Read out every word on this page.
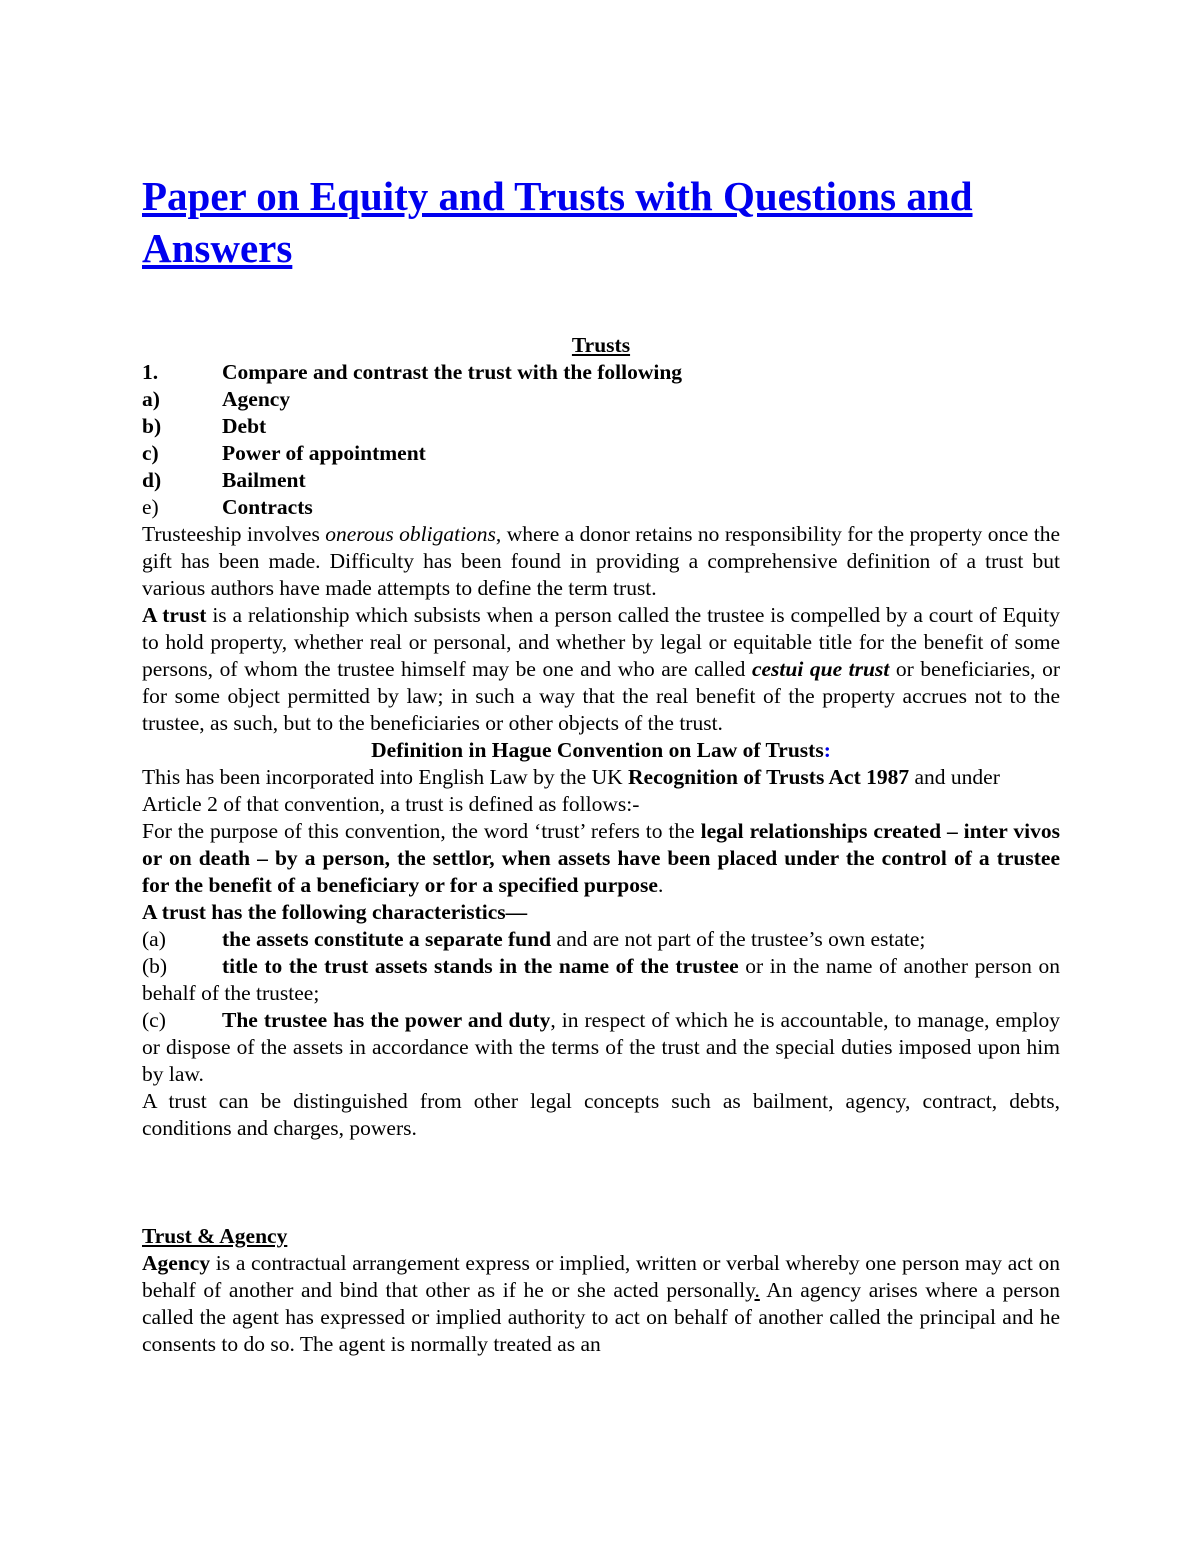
Paper on Equity and Trusts with Questions and Answers
Trusts
1.	Compare and contrast the trust with the following
a)	Agency
b)	Debt
c)	Power of appointment
d)	Bailment
e)	Contracts

Trusteeship involves onerous obligations, where a donor retains no responsibility for the property once the gift has been made. Difficulty has been found in providing a comprehensive definition of a trust but various authors have made attempts to define the term trust.

A trust is a relationship which subsists when a person called the trustee is compelled by a court of Equity to hold property, whether real or personal, and whether by legal or equitable title for the benefit of some persons, of whom the trustee himself may be one and who are called cestui que trust or beneficiaries, or for some object permitted by law; in such a way that the real benefit of the property accrues not to the trustee, as such, but to the beneficiaries or other objects of the trust.

Definition in Hague Convention on Law of Trusts:

This has been incorporated into English Law by the UK Recognition of Trusts Act 1987 and under Article 2 of that convention, a trust is defined as follows:-

For the purpose of this convention, the word ‘trust’ refers to the legal relationships created – inter vivos or on death – by a person, the settlor, when assets have been placed under the control of a trustee for the benefit of a beneficiary or for a specified purpose.

A trust has the following characteristics—

(a)	the assets constitute a separate fund and are not part of the trustee’s own estate;

(b)	title to the trust assets stands in the name of the trustee or in the name of another person on behalf of the trustee;

(c)	The trustee has the power and duty, in respect of which he is accountable, to manage, employ or dispose of the assets in accordance with the terms of the trust and the special duties imposed upon him by law.

A trust can be distinguished from other legal concepts such as bailment, agency, contract, debts, conditions and charges, powers.

Trust & Agency

Agency is a contractual arrangement express or implied, written or verbal whereby one person may act on behalf of another and bind that other as if he or she acted personally. An agency arises where a person called the agent has expressed or implied authority to act on behalf of another called the principal and he consents to do so. The agent is normally treated as an
